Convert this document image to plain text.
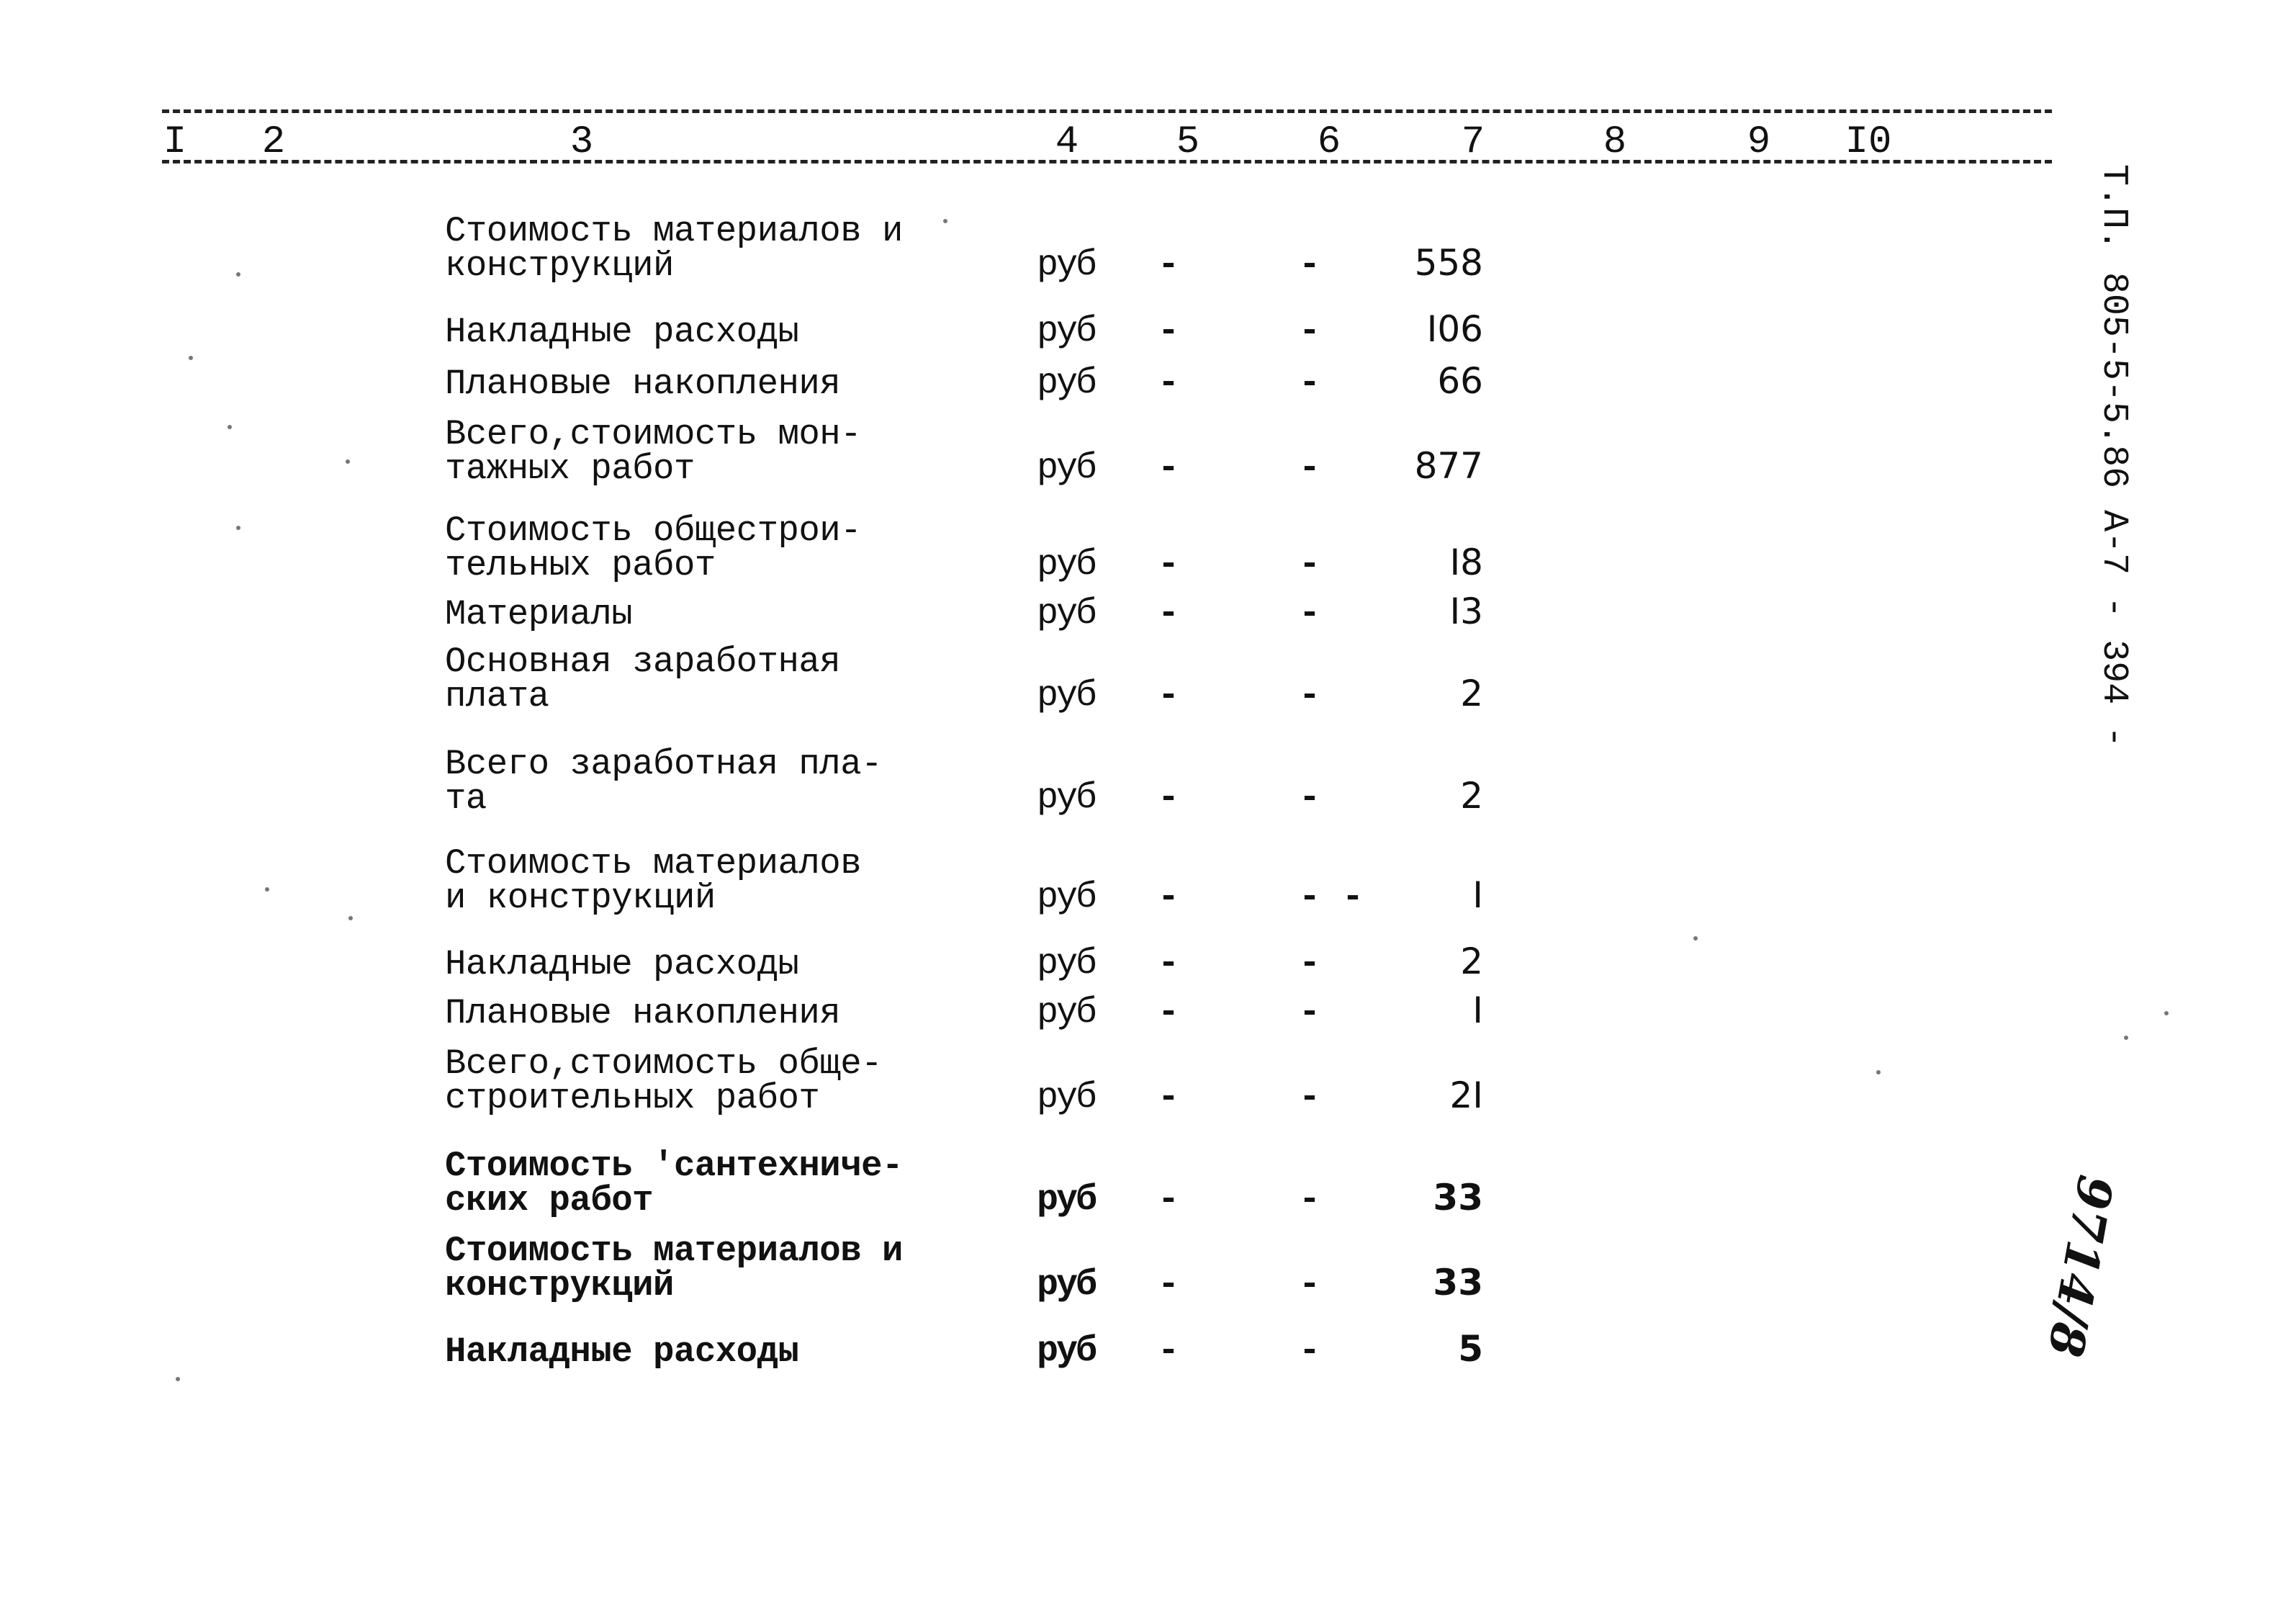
I	2	3	4	5	6	7	8	9	I0
Стоимость материалов и
конструкций	руб -	-	558
Накладные расходы	руб -	-	I06
Плановые накопления	руб -	-	66
Всего,стоимость мон-
тажных работ	руб -	-	877
Стоимость общестрои-
тельных работ	руб -	-	I8
Материалы	руб -	-	I3
Основная заработная
плата	руб -	-	2
Всего заработная пла-
та	руб -	-	2
Стоимость материалов
и конструкций	руб -	- -	I
Накладные расходы	руб -	-	2
Плановые накопления	руб -	-	I
Всего,стоимость обще-
строительных работ	руб -	-	2I
Стоимость 'сантехниче-
ских работ	руб -	-	33
Стоимость материалов и
конструкций	руб -	-	33
Накладные расходы	руб -	-	5
Т.П. 805-5-5.86 А-7 - 394 -
9714/8
